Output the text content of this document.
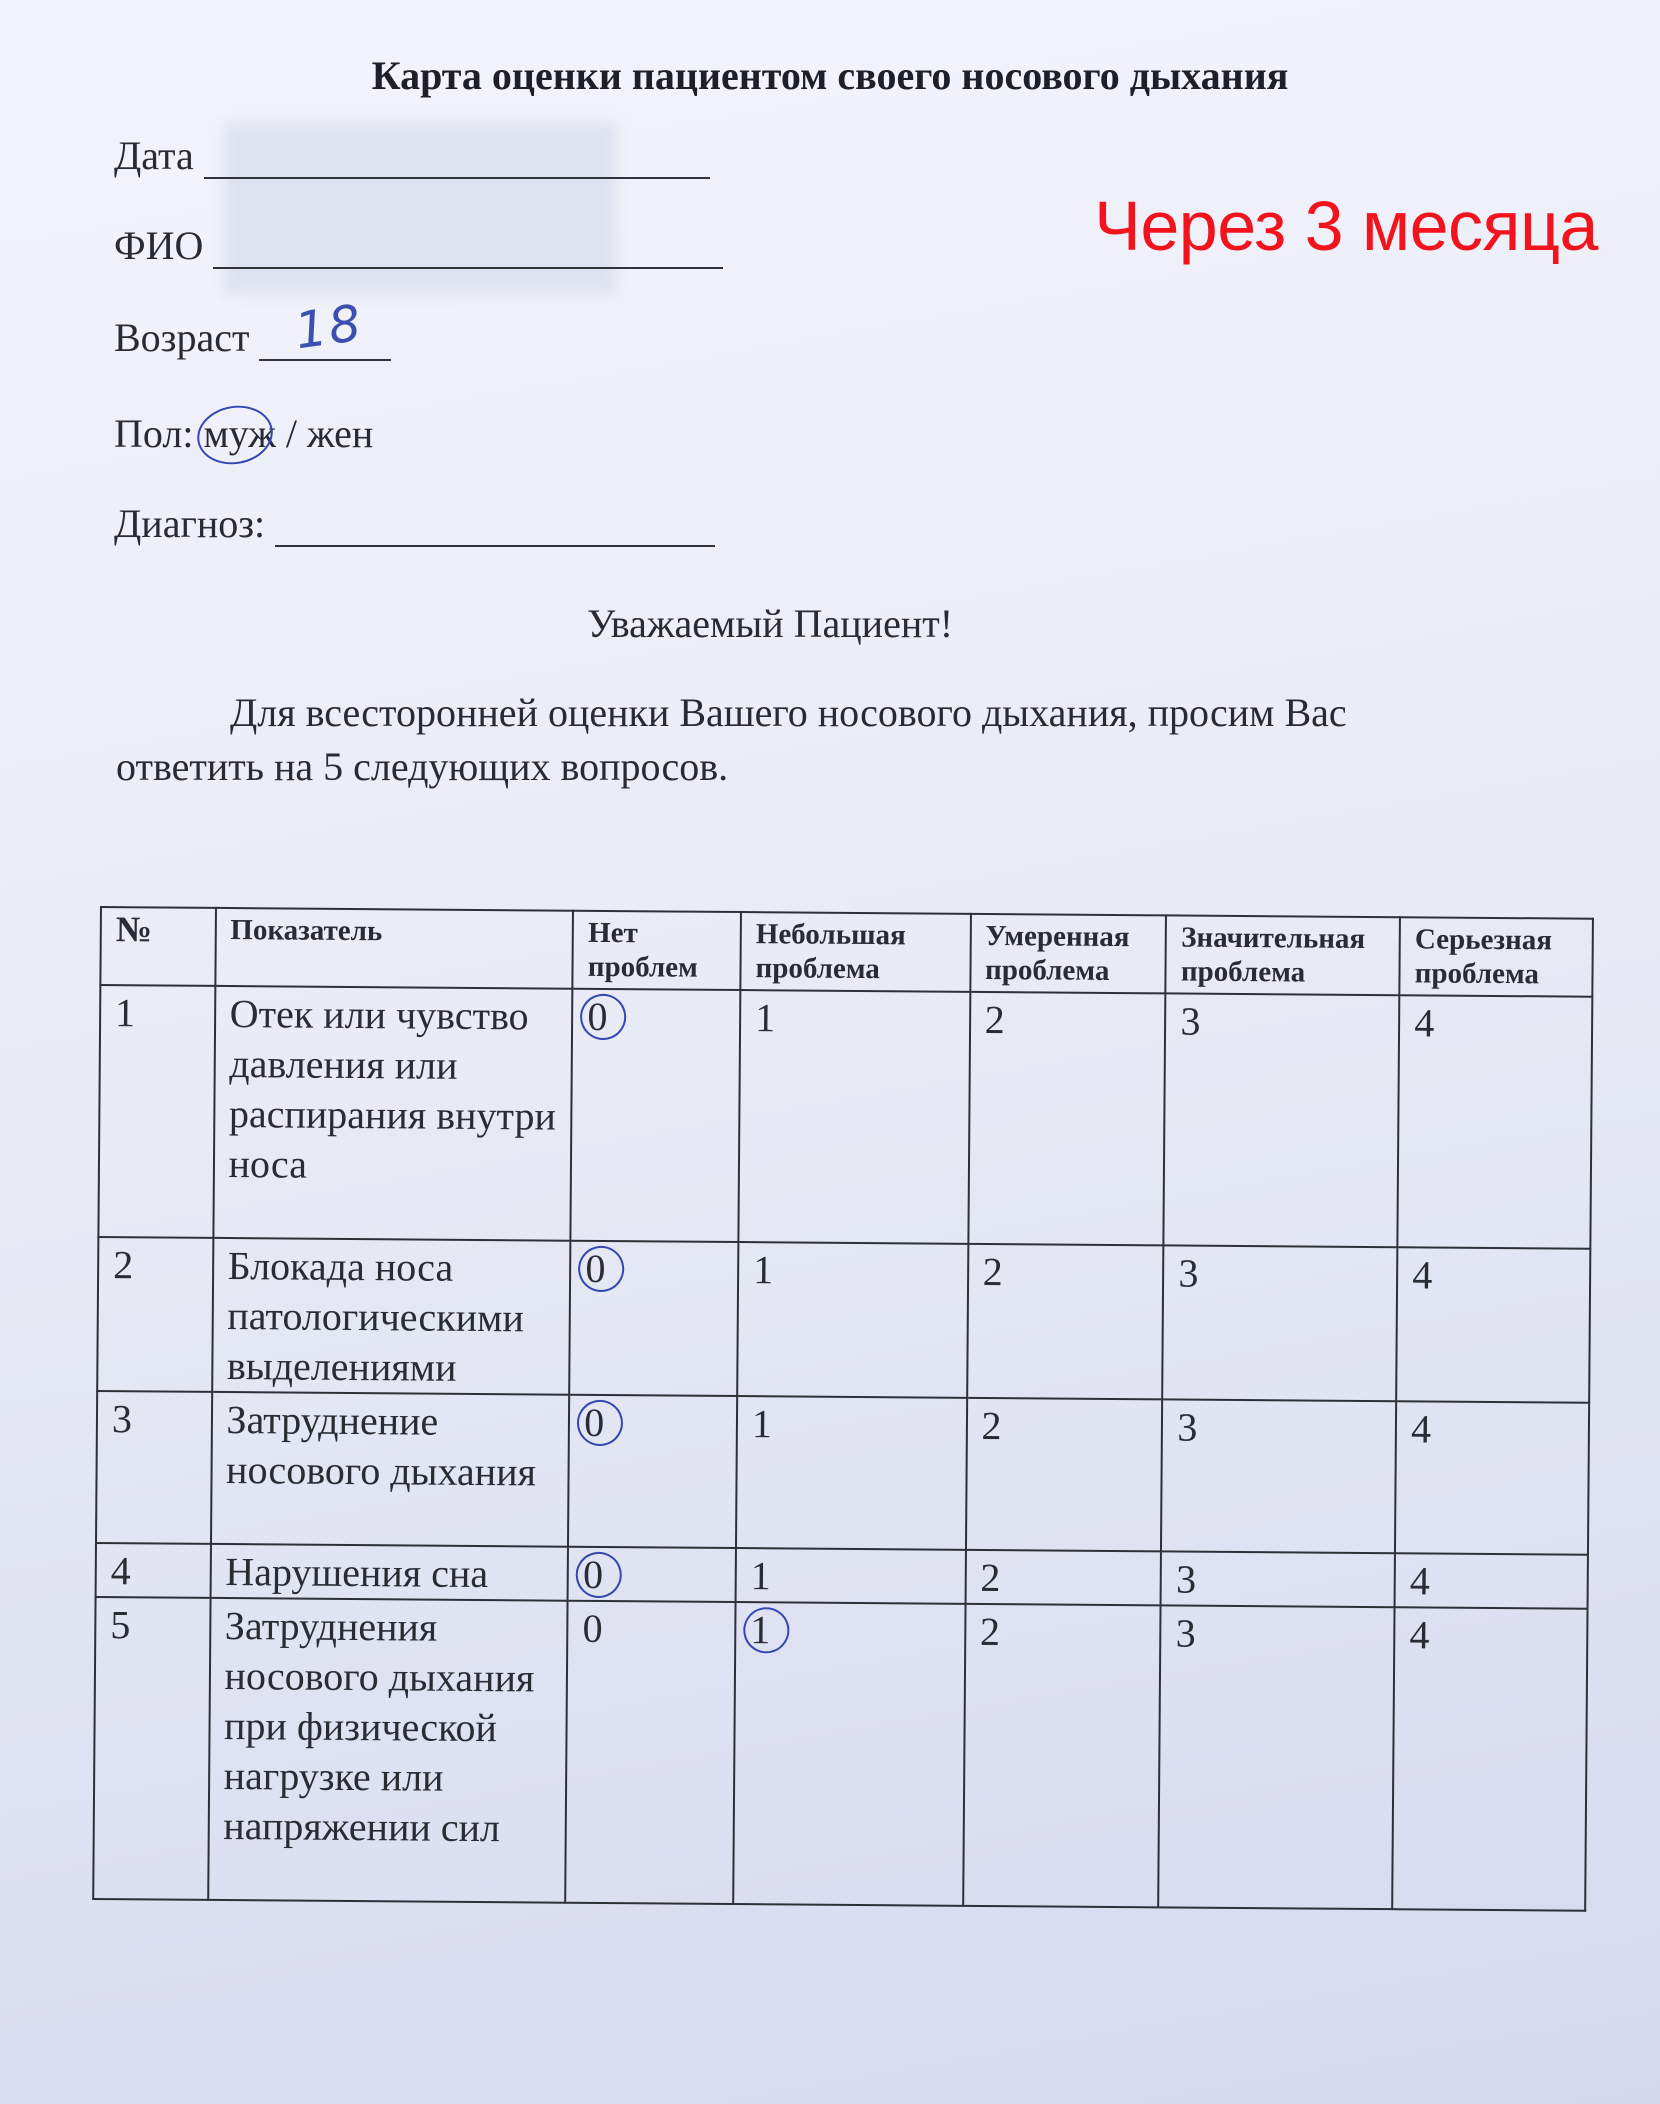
Карта оценки пациентом своего носового дыхания
Дата
ФИО
Возраст 18
Пол: муж / жен
Диагноз:
Через 3 месяца
Уважаемый Пациент!
Для всесторонней оценки Вашего носового дыхания, просим Вас ответить на 5 следующих вопросов.
№	Показатель	Нет проблем	Небольшая проблема	Умеренная проблема	Значительная проблема	Серьезная проблема
1	Отек или чувство давления или распирания внутри носа	0	1	2	3	4
2	Блокада носа патологическими выделениями	0	1	2	3	4
3	Затруднение носового дыхания	0	1	2	3	4
4	Нарушения сна	0	1	2	3	4
5	Затруднения носового дыхания при физической нагрузке или напряжении сил	0	1	2	3	4
